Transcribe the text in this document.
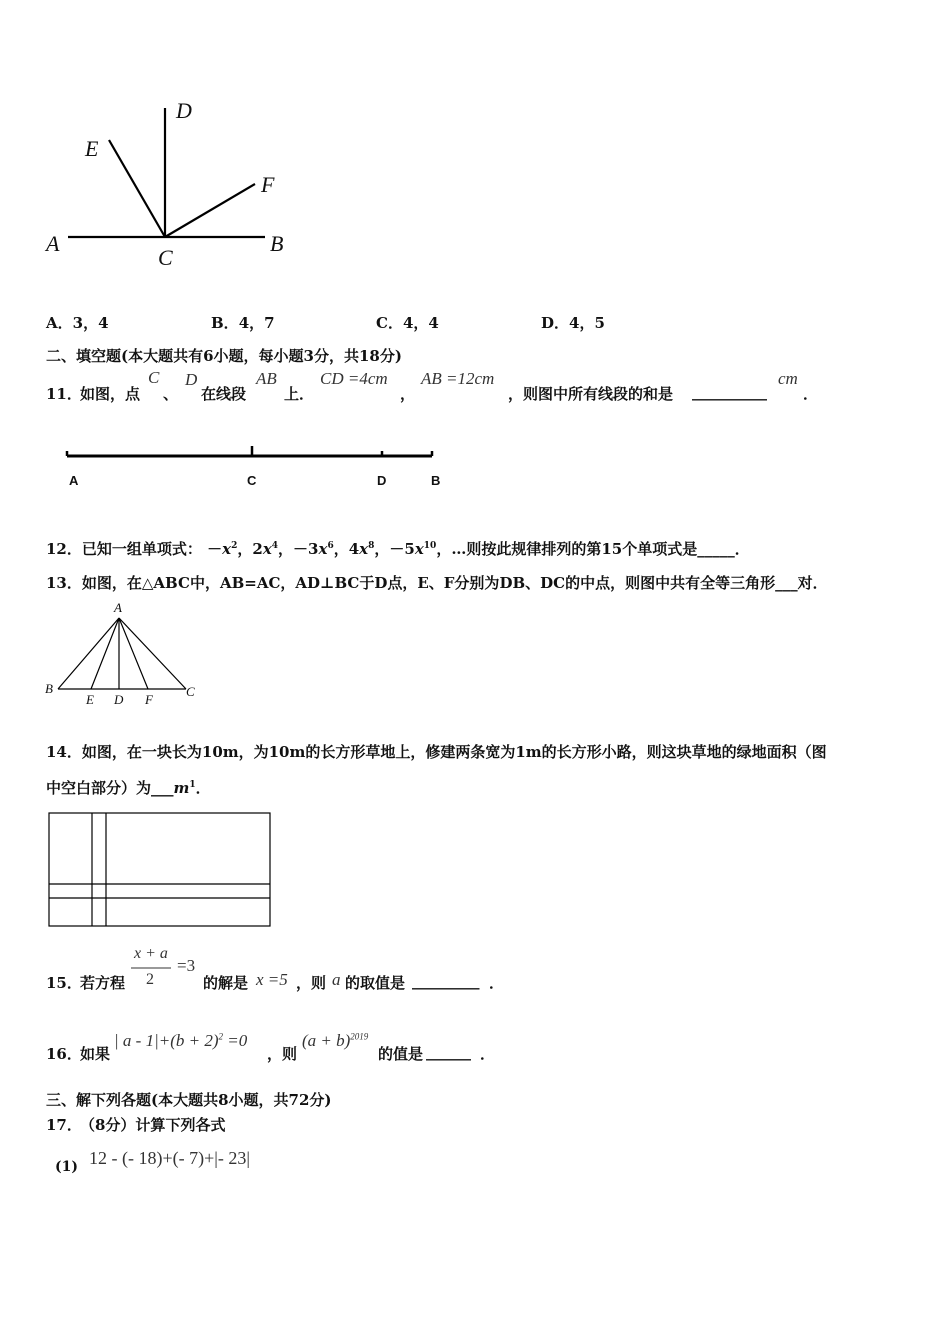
D
E
F
A	B
C
A．3，4	B．4，7	C．4，4	D．4，5
二、填空题(本大题共有6小题，每小题3分，共18分)
11．
如图，点
C
、
D
在线段
AB
上．
CD =4cm
，
AB =12cm
，则图中所有线段的和是 __________
cm
．
A	C	D	B
12．已知一组单项式： $-x^2$，$2x^4$，$-3x^6$，$4x^8$，$-5x^{10}$，…则按此规律排列的第15个单项式是_____．
13．如图，在△ABC中，AB=AC，AD⊥BC于D点，E、F分别为DB、DC的中点，则图中共有全等三角形___对．
A
B	C
E D F
14．如图，在一块长为10m，为10m的长方形草地上，修建两条宽为1m的长方形小路，则这块草地的绿地面积（图
中空白部分）为$\_\_\_m^1$．
15．
若方程
x + a
2
=3
的解是 x =5 ，则 a 的取值是 _________ ．
16．
如果
| $a - 1|+(b + 2)^2 =0$
，则
$(a + b)^{2019}$
的值是 ______ ．
三、解下列各题(本大题共8小题，共72分)
17．
（8分）计算下列各式
(1) 12 - (- 18)+(- 7)+|- 23|
